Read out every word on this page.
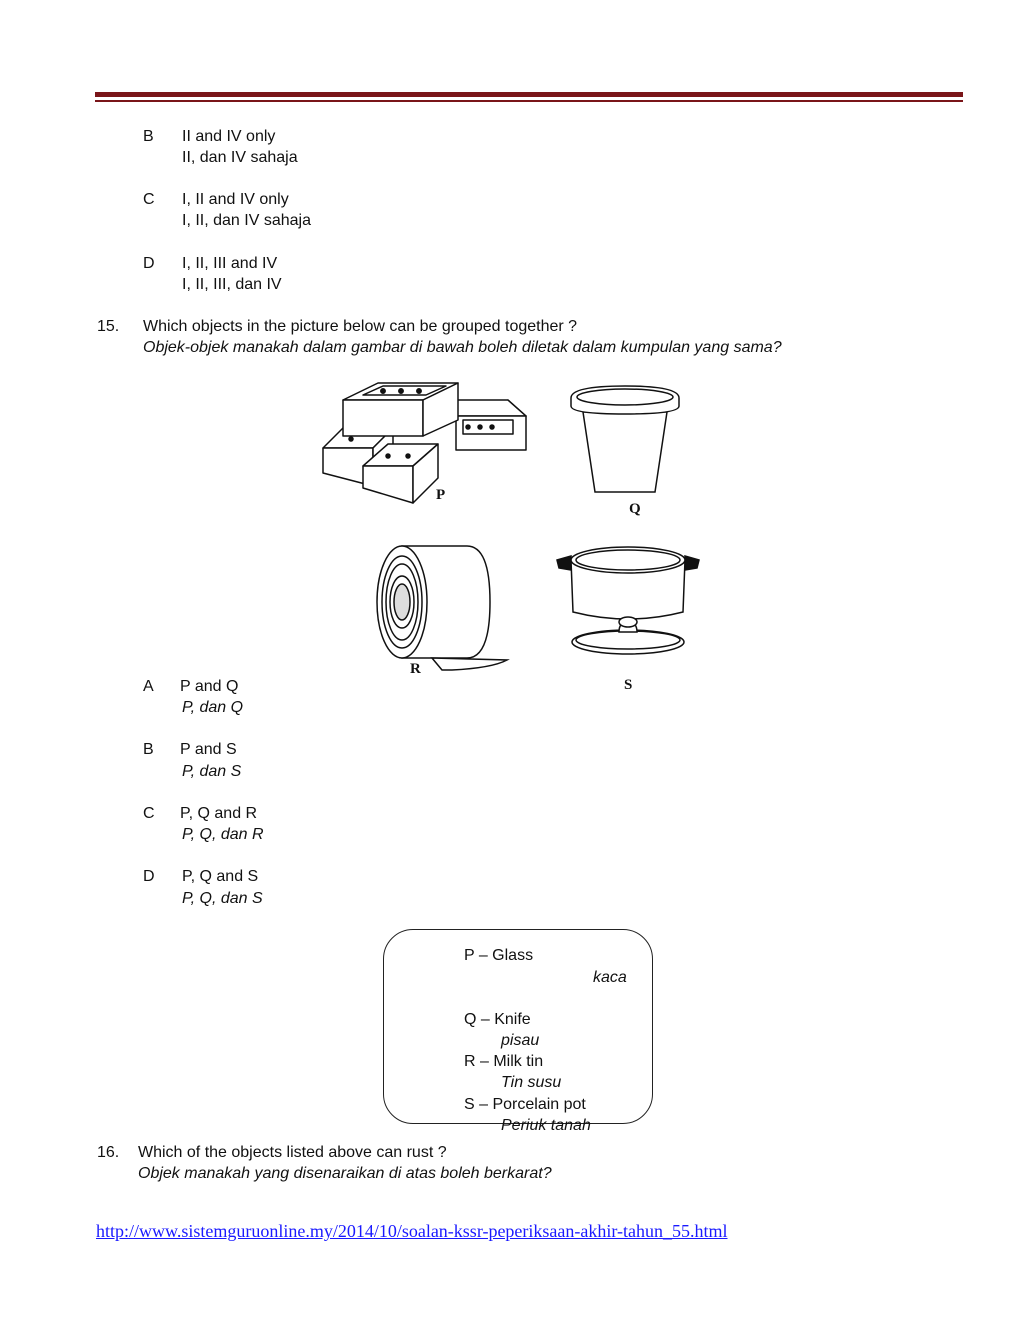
B II and IV only
II, dan IV sahaja
C I, II and IV only
I, II, dan IV sahaja
D I, II, III and IV
I, II, III, dan IV
15. Which objects in the picture below can be grouped together ?
Objek-objek manakah dalam gambar di bawah boleh diletak dalam kumpulan yang sama?
P
Q
R
S
A P and Q
P, dan Q
B P and S
P, dan S
C P, Q and R
P, Q, dan R
D P, Q and S
P, Q, dan S
P – Glass
kaca
Q – Knife
pisau
R – Milk tin
Tin susu
S – Porcelain pot
Periuk tanah
16. Which of the objects listed above can rust ?
Objek manakah yang disenaraikan di atas boleh berkarat?
http://www.sistemguruonline.my/2014/10/soalan-kssr-peperiksaan-akhir-tahun_55.html
